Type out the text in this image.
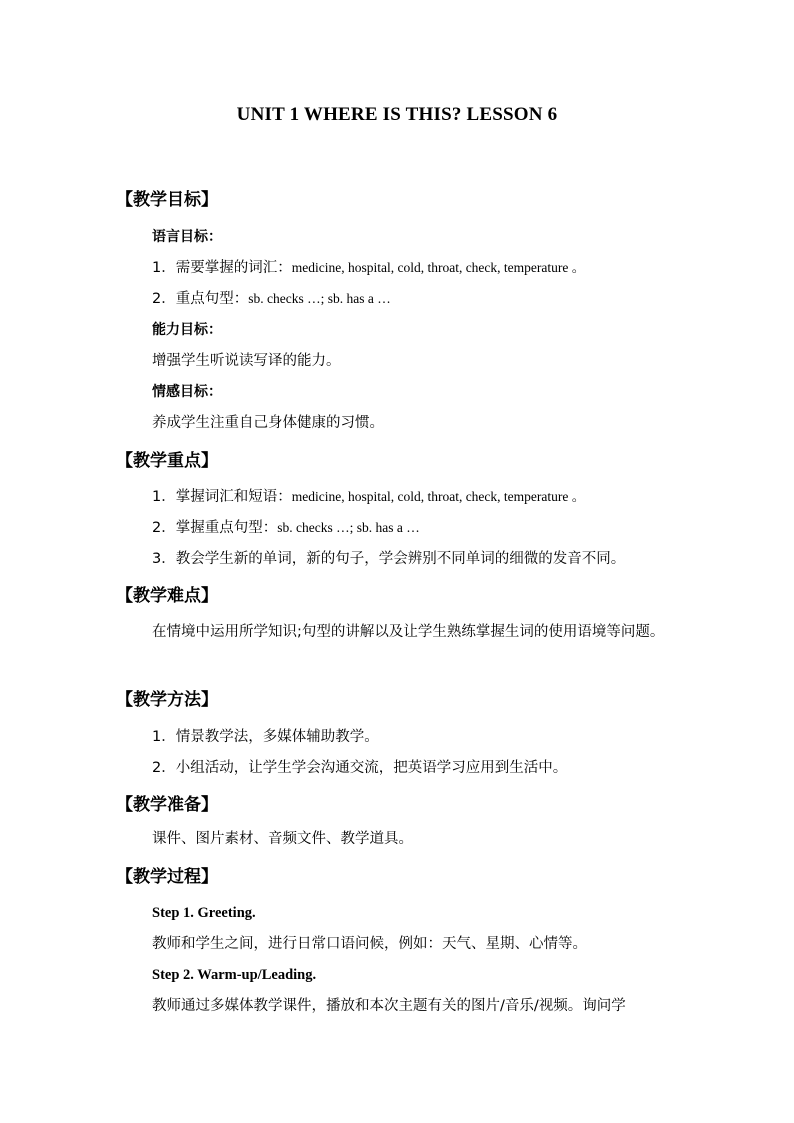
UNIT 1 WHERE IS THIS? LESSON 6
【教学目标】
语言目标：
1．需要掌握的词汇：medicine, hospital, cold, throat, check, temperature 。
2．重点句型：sb. checks …; sb. has a …
能力目标：
增强学生听说读写译的能力。
情感目标：
养成学生注重自己身体健康的习惯。
【教学重点】
1．掌握词汇和短语：medicine, hospital, cold, throat, check, temperature 。
2．掌握重点句型：sb. checks …; sb. has a …
3．教会学生新的单词，新的句子，学会辨别不同单词的细微的发音不同。
【教学难点】
在情境中运用所学知识;句型的讲解以及让学生熟练掌握生词的使用语境等问题。
【教学方法】
1．情景教学法，多媒体辅助教学。
2．小组活动，让学生学会沟通交流，把英语学习应用到生活中。
【教学准备】
课件、图片素材、音频文件、教学道具。
【教学过程】
Step 1. Greeting.
教师和学生之间，进行日常口语问候，例如：天气、星期、心情等。
Step 2. Warm-up/Leading.
教师通过多媒体教学课件，播放和本次主题有关的图片/音乐/视频。询问学
